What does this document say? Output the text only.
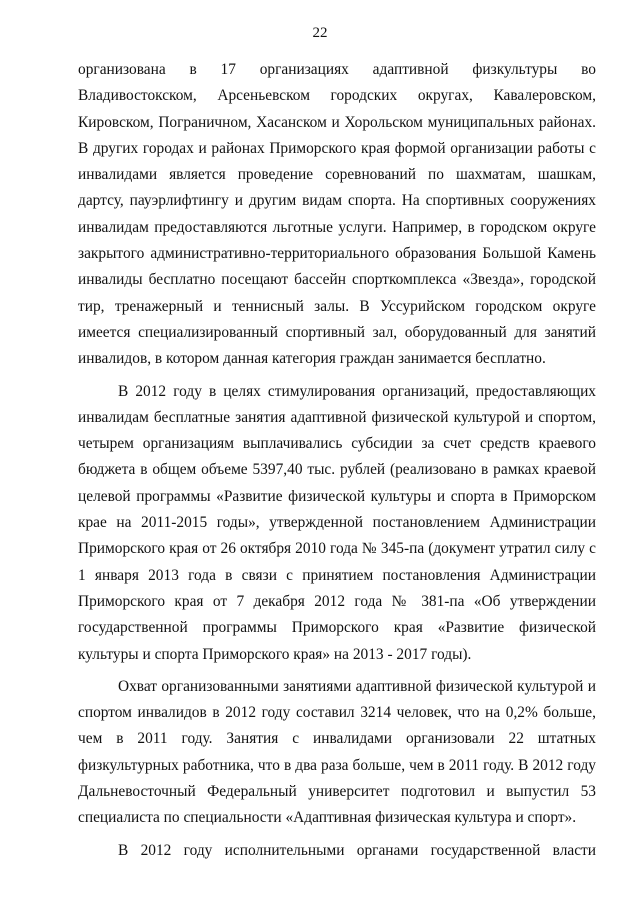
22

организована в 17 организациях адаптивной физкультуры во Владивостокском, Арсеньевском городских округах, Кавалеровском, Кировском, Пограничном, Хасанском и Хорольском муниципальных районах. В других городах и районах Приморского края формой организации работы с инвалидами является проведение соревнований по шахматам, шашкам, дартсу, пауэрлифтингу и другим видам спорта. На спортивных сооружениях инвалидам предоставляются льготные услуги. Например, в городском округе закрытого административно-территориального образования Большой Камень инвалиды бесплатно посещают бассейн спорткомплекса «Звезда», городской тир, тренажерный и теннисный залы. В Уссурийском городском округе имеется специализированный спортивный зал, оборудованный для занятий инвалидов, в котором данная категория граждан занимается бесплатно.

В 2012 году в целях стимулирования организаций, предоставляющих инвалидам бесплатные занятия адаптивной физической культурой и спортом, четырем организациям выплачивались субсидии за счет средств краевого бюджета в общем объеме 5397,40 тыс. рублей (реализовано в рамках краевой целевой программы «Развитие физической культуры и спорта в Приморском крае на 2011-2015 годы», утвержденной постановлением Администрации Приморского края от 26 октября 2010 года № 345-па (документ утратил силу с 1 января 2013 года в связи с принятием постановления Администрации Приморского края от 7 декабря 2012 года № 381-па «Об утверждении государственной программы Приморского края «Развитие физической культуры и спорта Приморского края» на 2013 - 2017 годы).

Охват организованными занятиями адаптивной физической культурой и спортом инвалидов в 2012 году составил 3214 человек, что на 0,2% больше, чем в 2011 году. Занятия с инвалидами организовали 22 штатных физкультурных работника, что в два раза больше, чем в 2011 году. В 2012 году Дальневосточный Федеральный университет подготовил и выпустил 53 специалиста по специальности «Адаптивная физическая культура и спорт».

В 2012 году исполнительными органами государственной власти
